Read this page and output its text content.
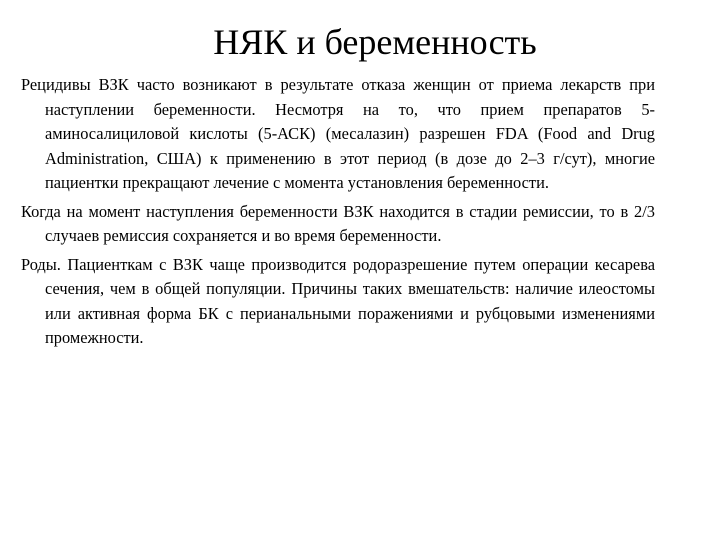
НЯК и беременность

Рецидивы ВЗК часто возникают в результате отказа женщин от приема лекарств при наступлении беременности. Несмотря на то, что прием препаратов 5-аминосалициловой кислоты (5-АСК) (месалазин) разрешен FDA (Food and Drug Administration, США) к применению в этот период (в дозе до 2–3 г/сут), многие пациентки прекращают лечение с момента установления беременности.

Когда на момент наступления беременности ВЗК находится в стадии ремиссии, то в 2/3 случаев ремиссия сохраняется и во время беременности.

Роды. Пациенткам с ВЗК чаще производится родоразрешение путем операции кесарева сечения, чем в общей популяции. Причины таких вмешательств: наличие илеостомы или активная форма БК с перианальными поражениями и рубцовыми изменениями промежности.
